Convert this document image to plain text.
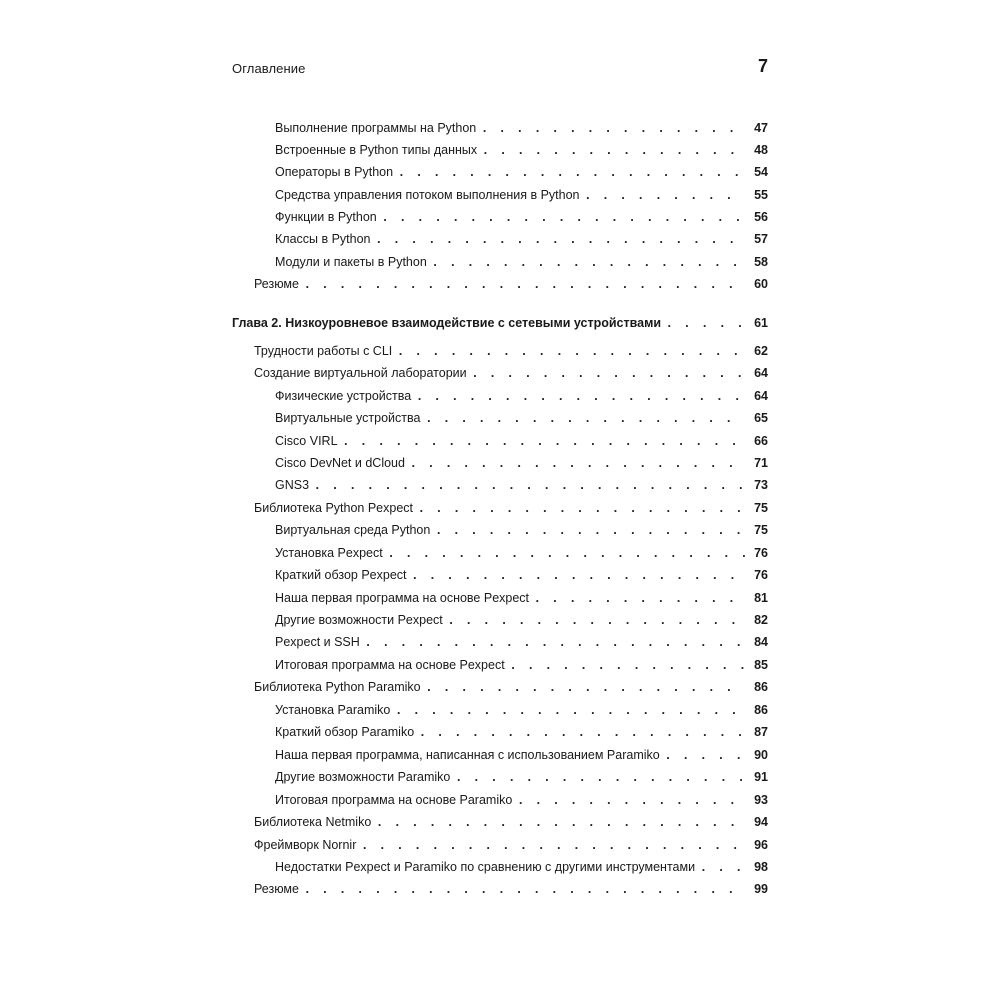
Оглавление	7
Выполнение программы на Python . . .	47
Встроенные в Python типы данных . . .	48
Операторы в Python . . .	54
Средства управления потоком выполнения в Python . . .	55
Функции в Python . . .	56
Классы в Python . . .	57
Модули и пакеты в Python . . .	58
Резюме . . .	60
Глава 2. Низкоуровневое взаимодействие с сетевыми устройствами . . .	61
Трудности работы с CLI . . .	62
Создание виртуальной лаборатории . . .	64
Физические устройства . . .	64
Виртуальные устройства . . .	65
Cisco VIRL . . .	66
Cisco DevNet и dCloud . . .	71
GNS3 . . .	73
Библиотека Python Pexpect . . .	75
Виртуальная среда Python . . .	75
Установка Pexpect . . .	76
Краткий обзор Pexpect . . .	76
Наша первая программа на основе Pexpect . . .	81
Другие возможности Pexpect . . .	82
Pexpect и SSH . . .	84
Итоговая программа на основе Pexpect . . .	85
Библиотека Python Paramiko . . .	86
Установка Paramiko . . .	86
Краткий обзор Paramiko . . .	87
Наша первая программа, написанная с использованием Paramiko . . .	90
Другие возможности Paramiko . . .	91
Итоговая программа на основе Paramiko . . .	93
Библиотека Netmiko . . .	94
Фреймворк Nornir . . .	96
Недостатки Pexpect и Paramiko по сравнению с другими инструментами . . .	98
Резюме . . .	99
